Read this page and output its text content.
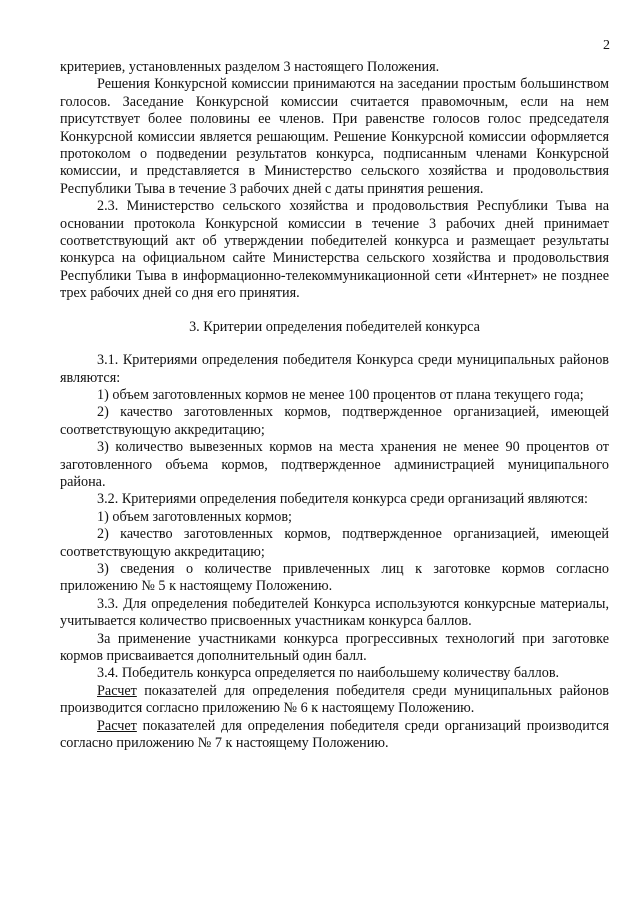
2

критериев, установленных разделом 3 настоящего Положения.

Решения Конкурсной комиссии принимаются на заседании простым большинством голосов. Заседание Конкурсной комиссии считается правомочным, если на нем присутствует более половины ее членов. При равенстве голосов голос председателя Конкурсной комиссии является решающим. Решение Конкурсной комиссии оформляется протоколом о подведении результатов конкурса, подписанным членами Конкурсной комиссии, и представляется в Министерство сельского хозяйства и продовольствия Республики Тыва в течение 3 рабочих дней с даты принятия решения.

2.3. Министерство сельского хозяйства и продовольствия Республики Тыва на основании протокола Конкурсной комиссии в течение 3 рабочих дней принимает соответствующий акт об утверждении победителей конкурса и размещает результаты конкурса на официальном сайте Министерства сельского хозяйства и продовольствия Республики Тыва в информационно-телекоммуникационной сети «Интернет» не позднее трех рабочих дней со дня его принятия.

3. Критерии определения победителей конкурса

3.1. Критериями определения победителя Конкурса среди муниципальных районов являются:

1) объем заготовленных кормов не менее 100 процентов от плана текущего года;

2) качество заготовленных кормов, подтвержденное организацией, имеющей соответствующую аккредитацию;

3) количество вывезенных кормов на места хранения не менее 90 процентов от заготовленного объема кормов, подтвержденное администрацией муниципального района.

3.2. Критериями определения победителя конкурса среди организаций являются:

1) объем заготовленных кормов;

2) качество заготовленных кормов, подтвержденное организацией, имеющей соответствующую аккредитацию;

3) сведения о количестве привлеченных лиц к заготовке кормов согласно приложению № 5 к настоящему Положению.

3.3. Для определения победителей Конкурса используются конкурсные материалы, учитывается количество присвоенных участникам конкурса баллов.

За применение участниками конкурса прогрессивных технологий при заготовке кормов присваивается дополнительный один балл.

3.4. Победитель конкурса определяется по наибольшему количеству баллов.

Расчет показателей для определения победителя среди муниципальных районов производится согласно приложению № 6 к настоящему Положению.

Расчет показателей для определения победителя среди организаций производится согласно приложению № 7 к настоящему Положению.
